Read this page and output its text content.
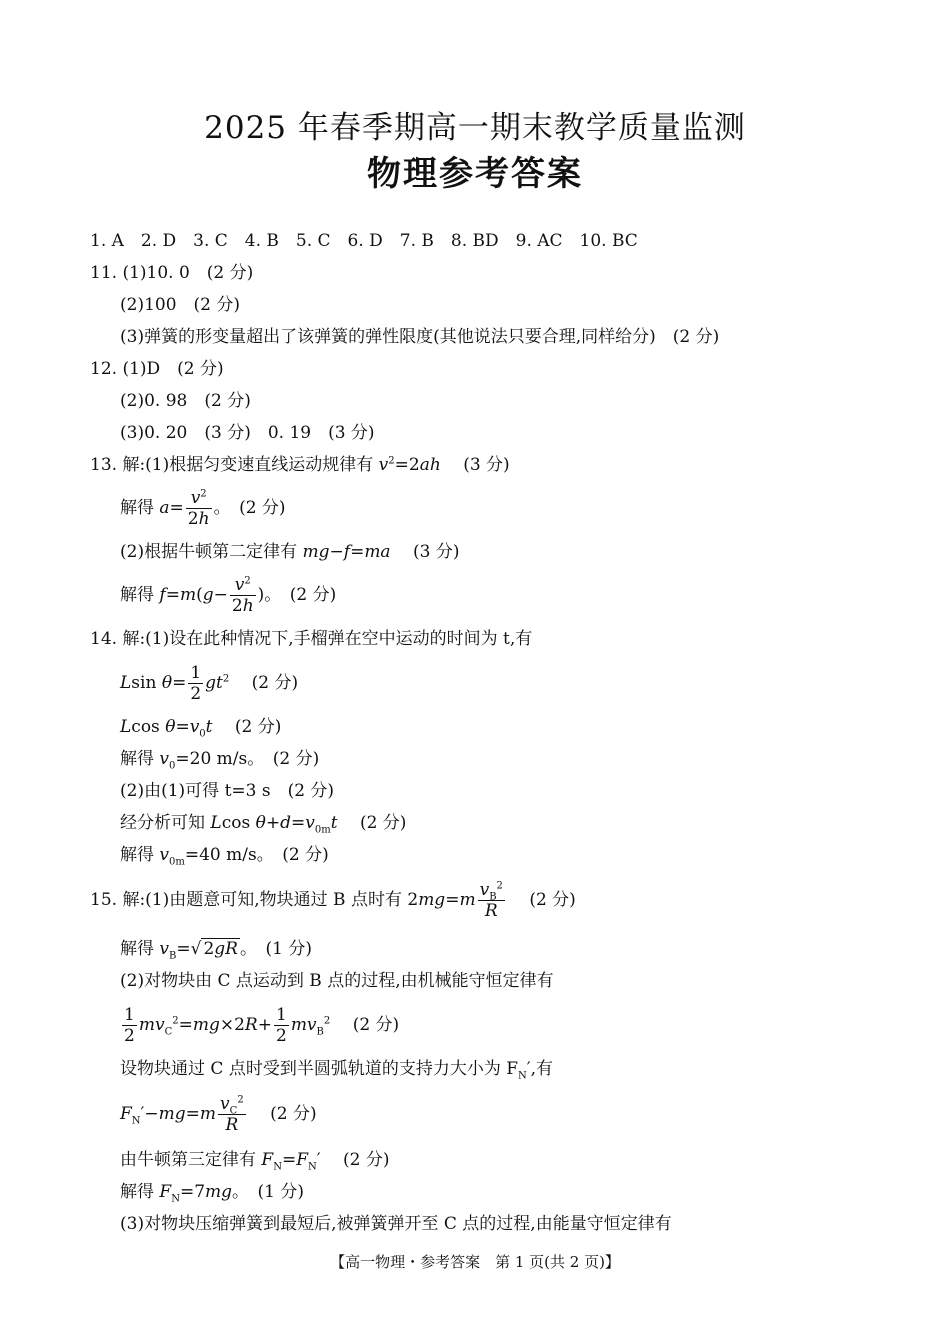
2025 年春季期高一期末教学质量监测
物理参考答案
1. A　2. D　3. C　4. B　5. C　6. D　7. B　8. BD　9. AC　10. BC
11. (1)10. 0　(2 分)
(2)100　(2 分)
(3)弹簧的形变量超出了该弹簧的弹性限度(其他说法只要合理,同样给分)　(2 分)
12. (1)D　(2 分)
(2)0. 98　(2 分)
(3)0. 20　(3 分)　0. 19　(3 分)
13. 解:(1)根据匀变速直线运动规律有 $v^2=2ah$　 (3 分)
解得 $a= \frac{v^2}{2h}$ 。　(2 分)
(2)根据牛顿第二定律有 mg−f=ma　 (3 分)
解得 $f=m(g- \frac{v^2}{2h}$ )。　(2 分)
14. 解:(1)设在此种情况下,手榴弹在空中运动的时间为 t,有
Lsin $\theta= \frac{1}{2} gt^2$　 (2 分)
Lcos $\theta=v_0t$　 (2 分)
解得 $v_0=20$ m/s。　(2 分)
(2)由(1)可得 t=3 s　(2 分)
经分析可知 Lcos $\theta+d=v_{0m}t$　 (2 分)
解得 $v_{0m}=40$ m/s。　(2 分)
15. 解:(1)由题意可知,物块通过 B 点时有 $2mg=m \frac{v_B^2}{R}$
　 (2 分)
解得 $v_B=√$ 2gR 。　(1 分)
(2)对物块由 C 点运动到 B 点的过程,由机械能守恒定律有
$\frac{1}{2} mv_C^2=mg\times 2R+ \frac{1}{2} mv_B^2$　 (2 分)
设物块通过 C 点时受到半圆弧轨道的支持力大小为 $F_N'$,有
$F_N'-mg=m \frac{v_C^2}{R}$
　 (2 分)
由牛顿第三定律有 $F_N=F_N'$　 (2 分)
解得 $F_N=7mg$。　(1 分)
(3)对物块压缩弹簧到最短后,被弹簧弹开至 C 点的过程,由能量守恒定律有
【高一物理・参考答案　第 1 页(共 2 页)】
